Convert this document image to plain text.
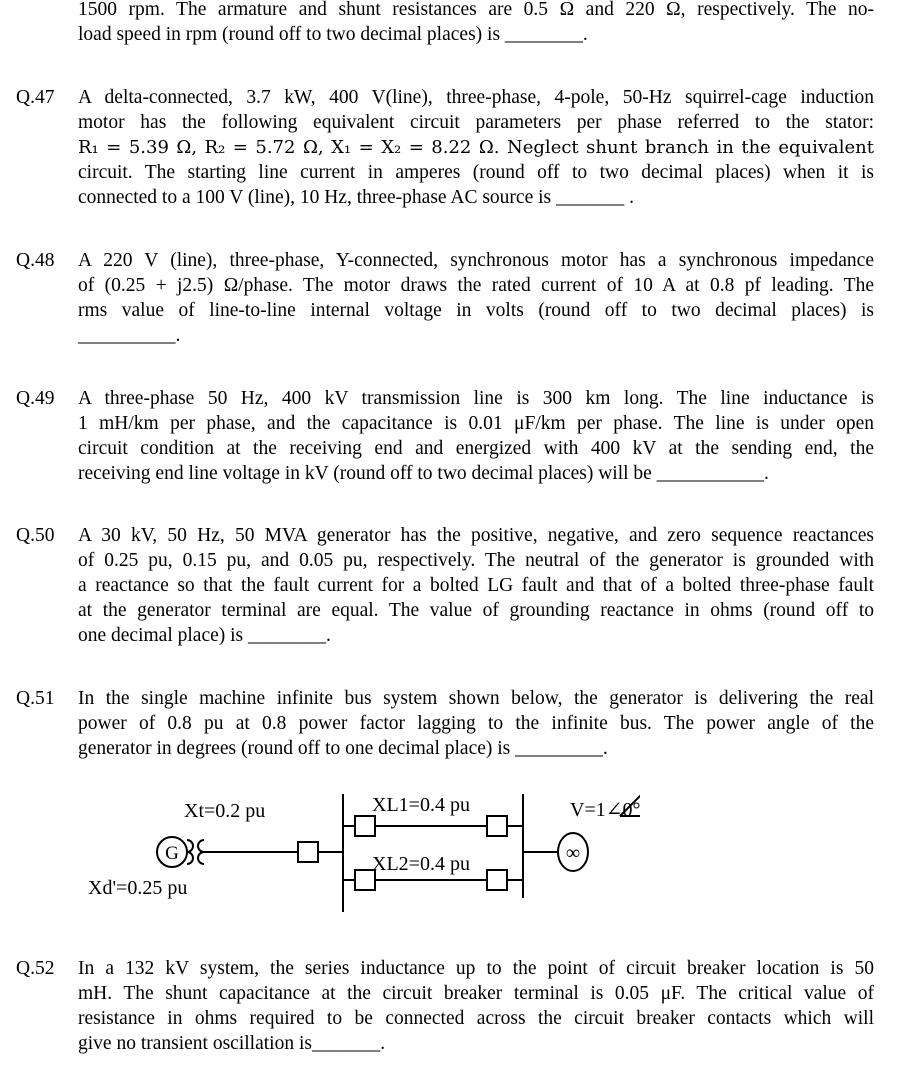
1500 rpm. The armature and shunt resistances are 0.5 Ω and 220 Ω, respectively. The no-
load speed in rpm (round off to two decimal places) is ________.
Q.47	A delta-connected, 3.7 kW, 400 V(line), three-phase, 4-pole, 50-Hz squirrel-cage induction
motor has the following equivalent circuit parameters per phase referred to the stator:
R₁ = 5.39 Ω, R₂ = 5.72 Ω, X₁ = X₂ = 8.22 Ω. Neglect shunt branch in the equivalent
circuit. The starting line current in amperes (round off to two decimal places) when it is
connected to a 100 V (line), 10 Hz, three-phase AC source is _______ .
Q.48	A 220 V (line), three-phase, Y-connected, synchronous motor has a synchronous impedance
of (0.25 + j2.5) Ω/phase. The motor draws the rated current of 10 A at 0.8 pf leading. The
rms value of line-to-line internal voltage in volts (round off to two decimal places) is
__________.
Q.49	A three-phase 50 Hz, 400 kV transmission line is 300 km long. The line inductance is
1 mH/km per phase, and the capacitance is 0.01 μF/km per phase. The line is under open
circuit condition at the receiving end and energized with 400 kV at the sending end, the
receiving end line voltage in kV (round off to two decimal places) will be ___________.
Q.50	A 30 kV, 50 Hz, 50 MVA generator has the positive, negative, and zero sequence reactances
of 0.25 pu, 0.15 pu, and 0.05 pu, respectively. The neutral of the generator is grounded with
a reactance so that the fault current for a bolted LG fault and that of a bolted three-phase fault
at the generator terminal are equal. The value of grounding reactance in ohms (round off to
one decimal place) is ________.
Q.51	In the single machine infinite bus system shown below, the generator is delivering the real
power of 0.8 pu at 0.8 power factor lagging to the infinite bus. The power angle of the
generator in degrees (round off to one decimal place) is _________.
G	∞
Xt=0.2 pu	XL1=0.4 pu
XL2=0.4 pu
Xd'=0.25 pu
V=1∠0°
Q.52	In a 132 kV system, the series inductance up to the point of circuit breaker location is 50
mH. The shunt capacitance at the circuit breaker terminal is 0.05 μF. The critical value of
resistance in ohms required to be connected across the circuit breaker contacts which will
give no transient oscillation is_______.
